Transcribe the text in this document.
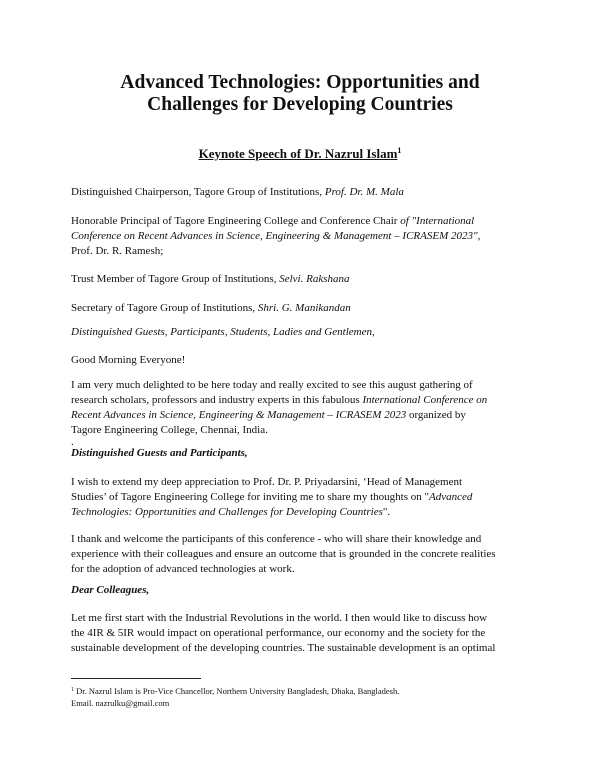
Advanced Technologies: Opportunities and
Challenges for Developing Countries
Keynote Speech of Dr. Nazrul Islam$^1$
Distinguished Chairperson, Tagore Group of Institutions, Prof. Dr. M. Mala
Honorable Principal of Tagore Engineering College and Conference Chair of "International
Conference on Recent Advances in Science, Engineering & Management – ICRASEM 2023",
Prof. Dr. R. Ramesh;
Trust Member of Tagore Group of Institutions, Selvi. Rakshana
Secretary of Tagore Group of Institutions, Shri. G. Manikandan
Distinguished Guests, Participants, Students, Ladies and Gentlemen,
Good Morning Everyone!
I am very much delighted to be here today and really excited to see this august gathering of
research scholars, professors and industry experts in this fabulous International Conference on
Recent Advances in Science, Engineering & Management – ICRASEM 2023 organized by
Tagore Engineering College, Chennai, India.
.
Distinguished Guests and Participants,
I wish to extend my deep appreciation to Prof. Dr. P. Priyadarsini, ‘Head of Management
Studies’ of Tagore Engineering College for inviting me to share my thoughts on "Advanced
Technologies: Opportunities and Challenges for Developing Countries".
I thank and welcome the participants of this conference - who will share their knowledge and
experience with their colleagues and ensure an outcome that is grounded in the concrete realities
for the adoption of advanced technologies at work.
Dear Colleagues,
Let me first start with the Industrial Revolutions in the world. I then would like to discuss how
the 4IR & 5IR would impact on operational performance, our economy and the society for the
sustainable development of the developing countries. The sustainable development is an optimal
$^1$ Dr. Nazrul Islam is Pro-Vice Chancellor, Northern University Bangladesh, Dhaka, Bangladesh.
Email. nazrulku@gmail.com
